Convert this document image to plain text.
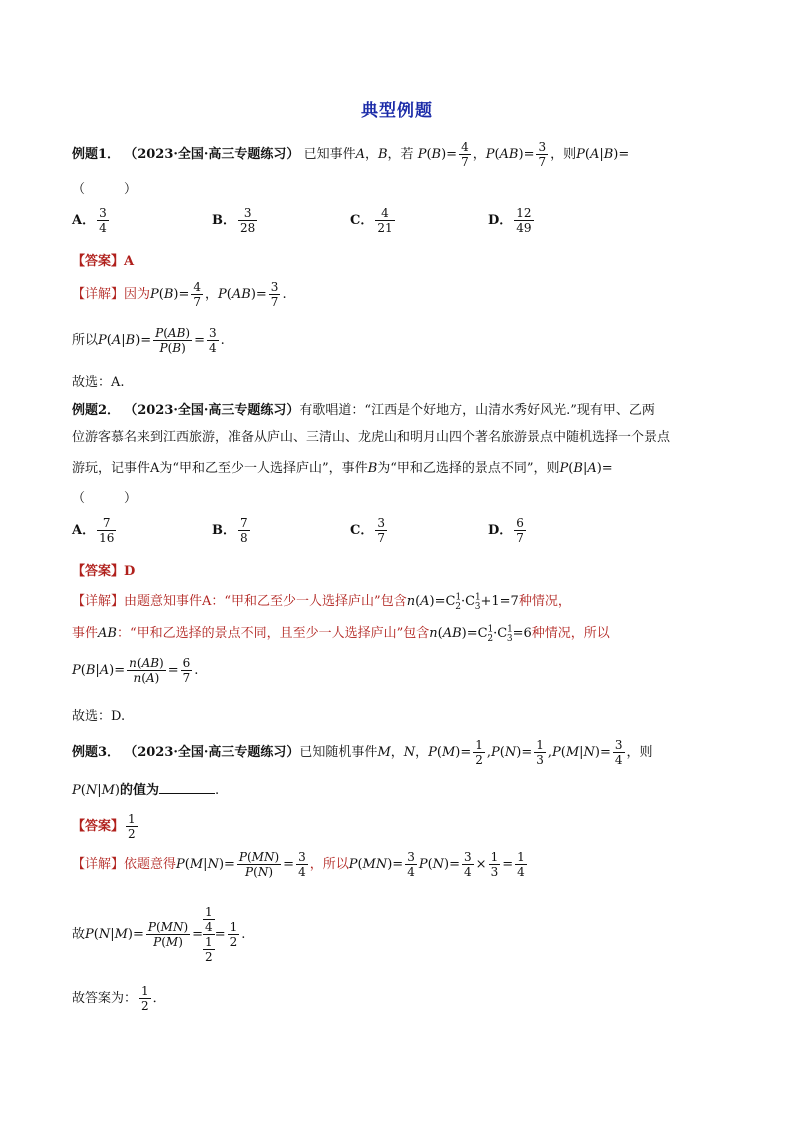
典型例题
例题1． （2023·全国·高三专题练习） 已知事件A，B，若 $P(B)= \frac{4}{7}$ ，$P(AB)= \frac{3}{7}$ ，则P(A|B)=
（　　　）
A． $\frac{3}{4}$	B． $\frac{3}{28}$	C． $\frac{4}{21}$	D． $\frac{12}{49}$
【答案】A
【详解】因为$P(B)= \frac{4}{7}$ ，$P(AB)= \frac{3}{7}$ .
所以$P(A|B)= \frac{P(AB)}{P(B)} = \frac{3}{4}$ .
故选：A.
例题2． （2023·全国·高三专题练习）有歌唱道：“江西是个好地方，山清水秀好风光.”现有甲、乙两
位游客慕名来到江西旅游，准备从庐山、三清山、龙虎山和明月山四个著名旅游景点中随机选择一个景点
游玩，记事件A为“甲和乙至少一人选择庐山”，事件B为“甲和乙选择的景点不同”，则P(B|A)=
（　　　）
A． $\frac{7}{16}$	B． $\frac{7}{8}$	C． $\frac{3}{7}$	D． $\frac{6}{7}$
【答案】D
【详解】由题意知事件A：“甲和乙至少一人选择庐山”包含$n(A)=C^1_2\cdot C^1_3+1=7$种情况，
事件AB：“甲和乙选择的景点不同，且至少一人选择庐山”包含$n(AB)=C^1_2\cdot C^1_3=6$种情况，所以
$P(B|A)= \frac{n(AB)}{n(A)} = \frac{6}{7}$ .
故选：D.
例题3． （2023·全国·高三专题练习）已知随机事件M，N，$P(M)= \frac{1}{2} ,P(N)= \frac{1}{3} ,P(M|N)= \frac{3}{4}$ ，则
P(N|M)的值为	.
【答案】 $\frac{1}{2}$
【详解】依题意得$P(M|N)= \frac{P(MN)}{P(N)} = \frac{3}{4}$ ，所以$P(MN)= \frac{3}{4} P(N)= \frac{3}{4} \times \frac{1}{3} = \frac{1}{4}$
故$P(N|M)= \frac{P(MN)}{P(M)} = \frac{\frac{1}{4}}{\frac{1}{2}} = \frac{1}{2}$ .
故答案为： $\frac{1}{2}$ ．
